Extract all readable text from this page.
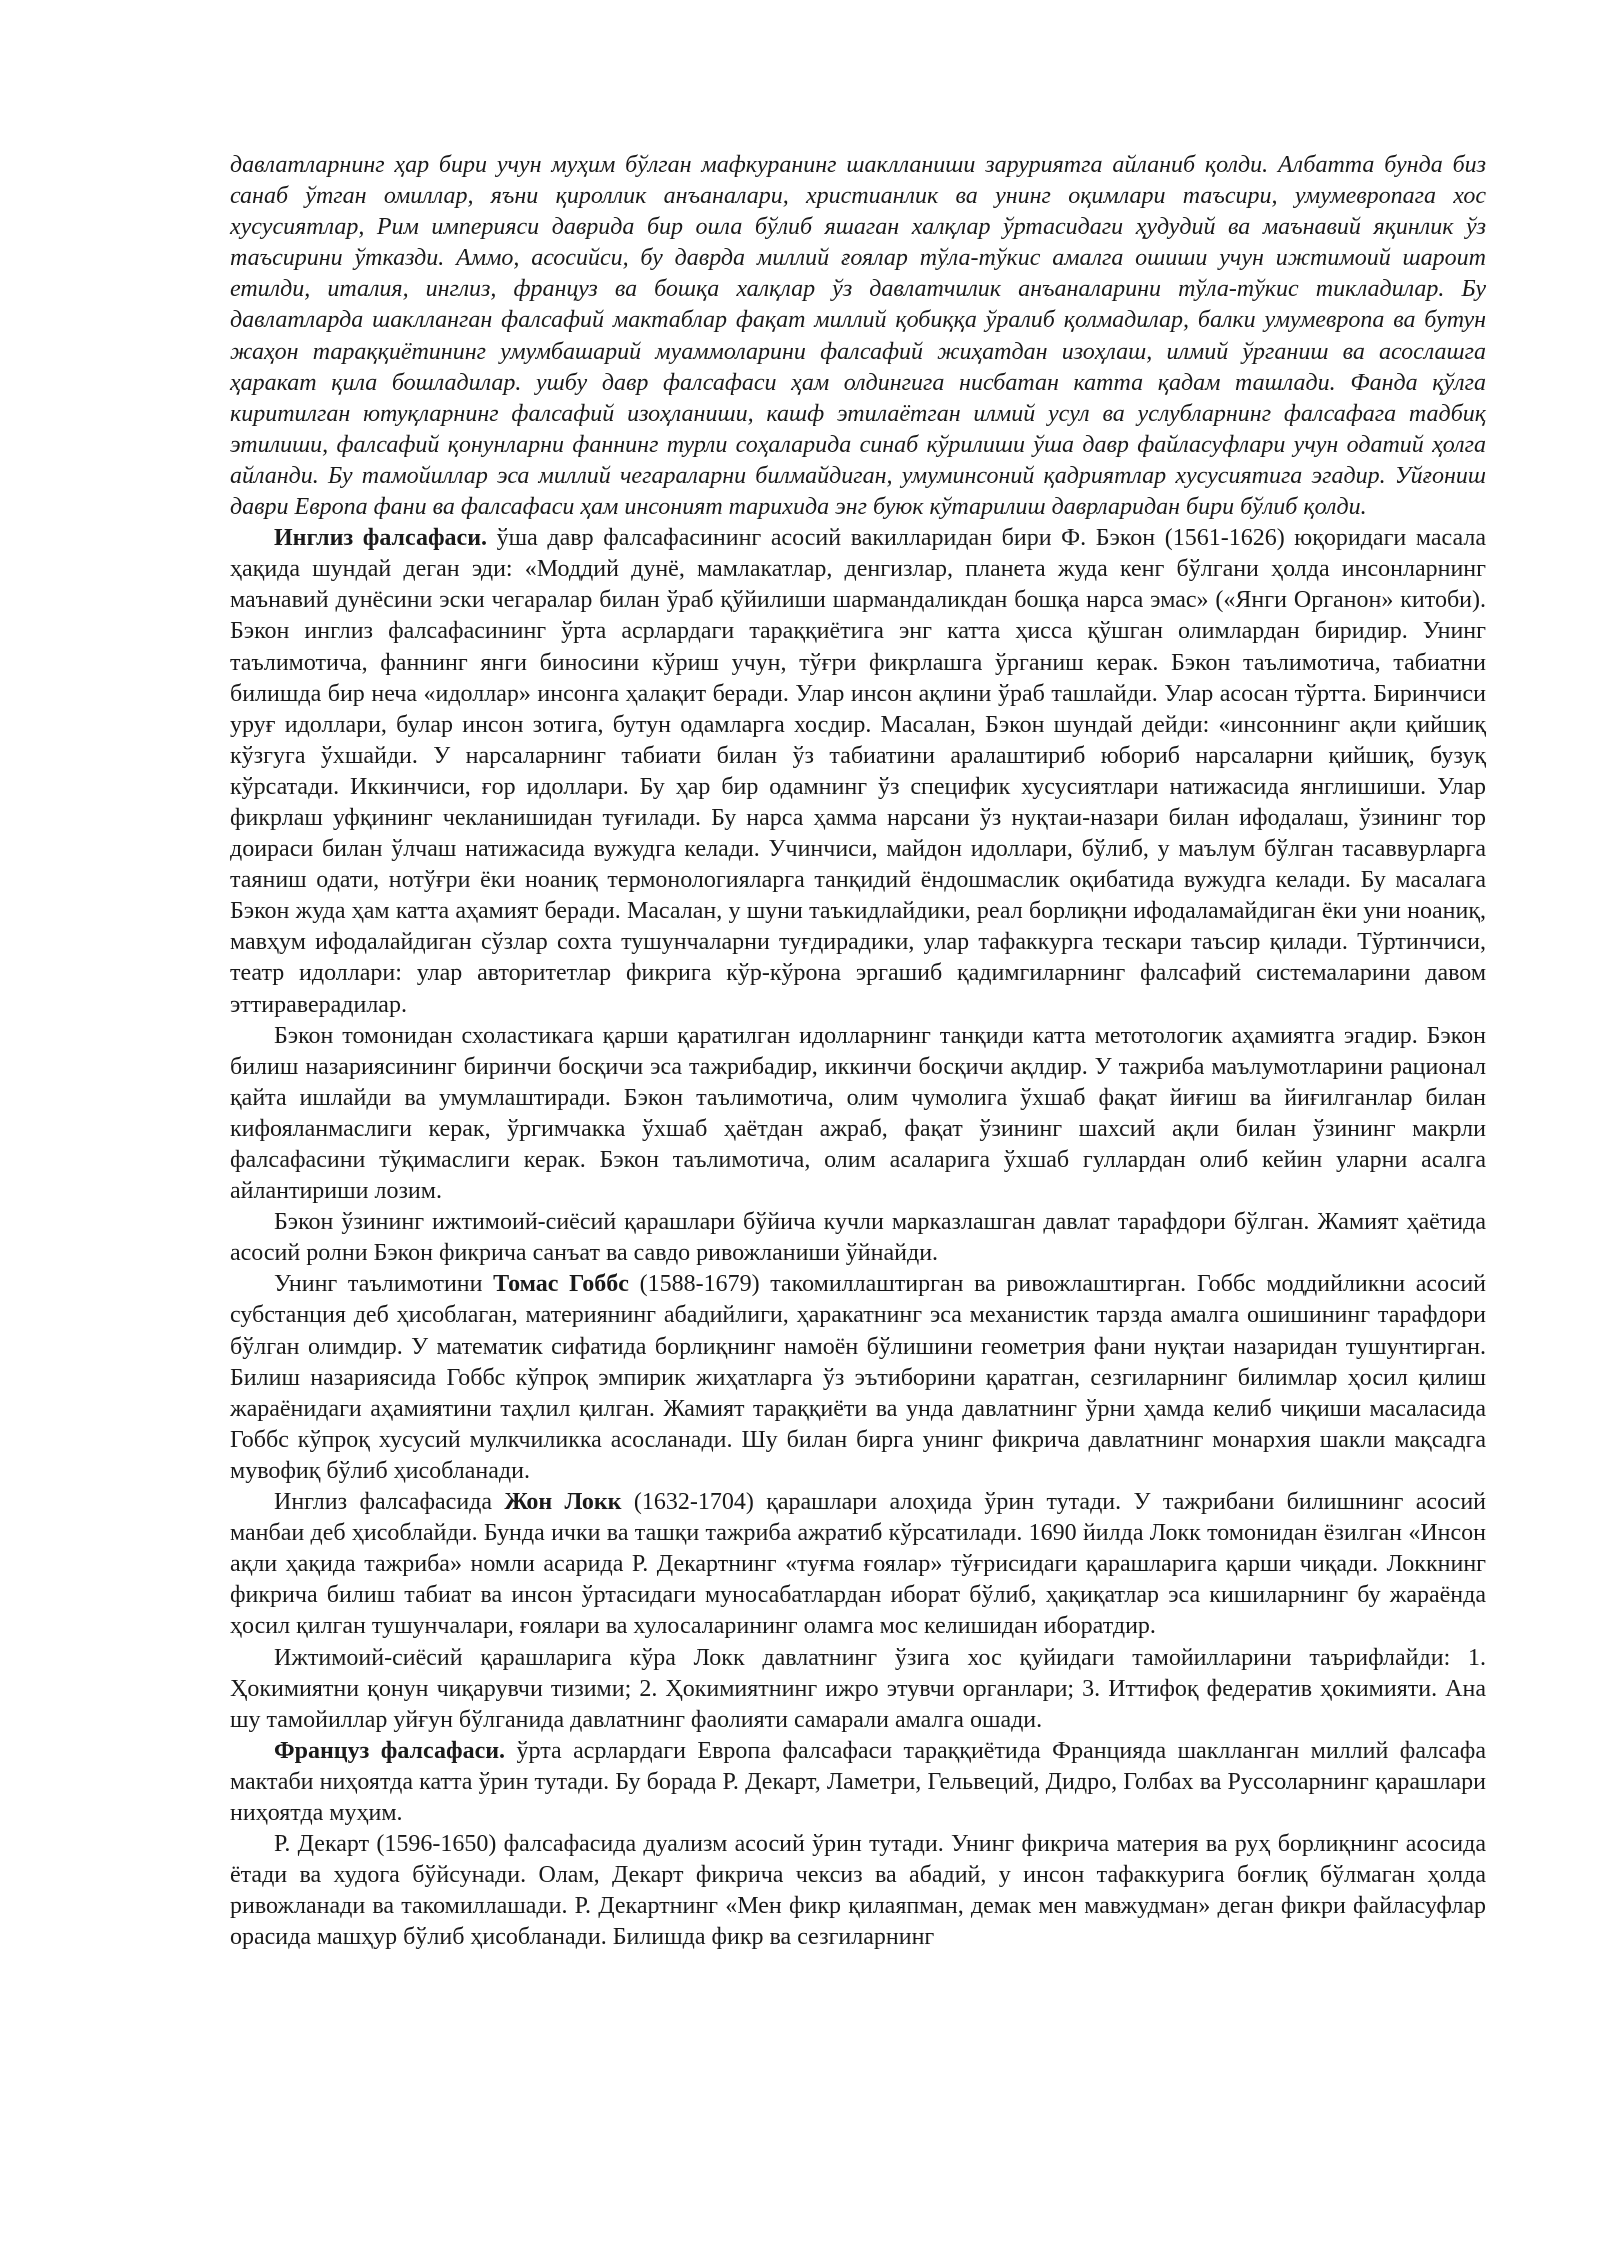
давлатларнинг ҳар бири учун муҳим бўлган мафкуранинг шаклланиши заруриятга айланиб қолди. Албатта бунда биз санаб ўтган омиллар, яъни қироллик анъаналари, христианлик ва унинг оқимлари таъсири, умумевропага хос хусусиятлар, Рим империяси даврида бир оила бўлиб яшаган халқлар ўртасидаги ҳудудий ва маънавий яқинлик ўз таъсирини ўтказди. Аммо, асосийси, бу даврда миллий ғоялар тўла-тўкис амалга ошиши учун ижтимоий шароит етилди, италия, инглиз, француз ва бошқа халқлар ўз давлатчилик анъаналарини тўла-тўкис тикладилар. Бу давлатларда шаклланган фалсафий мактаблар фақат миллий қобиққа ўралиб қолмадилар, балки умумевропа ва бутун жаҳон тараққиётининг умумбашарий муаммоларини фалсафий жиҳатдан изоҳлаш, илмий ўрганиш ва асослашга ҳаракат қила бошладилар. ушбу давр фалсафаси ҳам олдингига нисбатан катта қадам ташлади. Фанда қўлга киритилган ютуқларнинг фалсафий изоҳланиши, кашф этилаётган илмий усул ва услубларнинг фалсафага тадбиқ этилиши, фалсафий қонунларни фаннинг турли соҳаларида синаб кўрилиши ўша давр файласуфлари учун одатий ҳолга айланди. Бу тамойиллар эса миллий чегараларни билмайдиган, умуминсоний қадриятлар хусусиятига эгадир. Уйғониш даври Европа фани ва фалсафаси ҳам инсоният тарихида энг буюк кўтарилиш даврларидан бири бўлиб қолди.

Инглиз фалсафаси. ўша давр фалсафасининг асосий вакилларидан бири Ф. Бэкон (1561-1626) юқоридаги масала ҳақида шундай деган эди: «Моддий дунё, мамлакатлар, денгизлар, планета жуда кенг бўлгани ҳолда инсонларнинг маънавий дунёсини эски чегаралар билан ўраб қўйилиши шармандаликдан бошқа нарса эмас» («Янги Органон» китоби). Бэкон инглиз фалсафасининг ўрта асрлардаги тараққиётига энг катта ҳисса қўшган олимлардан биридир. Унинг таълимотича, фаннинг янги биносини кўриш учун, тўғри фикрлашга ўрганиш керак. Бэкон таълимотича, табиатни билишда бир неча «идоллар» инсонга ҳалақит беради. Улар инсон ақлини ўраб ташлайди. Улар асосан тўртта. Биринчиси уруғ идоллари, булар инсон зотига, бутун одамларга хосдир. Масалан, Бэкон шундай дейди: «инсоннинг ақли қийшиқ кўзгуга ўхшайди. У нарсаларнинг табиати билан ўз табиатини аралаштириб юбориб нарсаларни қийшиқ, бузуқ кўрсатади. Иккинчиси, ғор идоллари. Бу ҳар бир одамнинг ўз специфик хусусиятлари натижасида янглишиши. Улар фикрлаш уфқининг чекланишидан туғилади. Бу нарса ҳамма нарсани ўз нуқтаи-назари билан ифодалаш, ўзининг тор доираси билан ўлчаш натижасида вужудга келади. Учинчиси, майдон идоллари, бўлиб, у маълум бўлган тасаввурларга таяниш одати, нотўғри ёки ноаниқ термонологияларга танқидий ёндошмаслик оқибатида вужудга келади. Бу масалага Бэкон жуда ҳам катта аҳамият беради. Масалан, у шуни таъкидлайдики, реал борлиқни ифодаламайдиган ёки уни ноаниқ, мавҳум ифодалайдиган сўзлар сохта тушунчаларни туғдирадики, улар тафаккурга тескари таъсир қилади. Тўртинчиси, театр идоллари: улар авторитетлар фикрига кўр-кўрона эргашиб қадимгиларнинг фалсафий системаларини давом эттираверадилар.

Бэкон томонидан схоластикага қарши қаратилган идолларнинг танқиди катта метотологик аҳамиятга эгадир. Бэкон билиш назариясининг биринчи босқичи эса тажрибадир, иккинчи босқичи ақлдир. У тажриба маълумотларини рационал қайта ишлайди ва умумлаштиради. Бэкон таълимотича, олим чумолига ўхшаб фақат йиғиш ва йиғилганлар билан кифояланмаслиги керак, ўргимчакка ўхшаб ҳаётдан ажраб, фақат ўзининг шахсий ақли билан ўзининг макрли фалсафасини тўқимаслиги керак. Бэкон таълимотича, олим асаларига ўхшаб гуллардан олиб кейин уларни асалга айлантириши лозим.

Бэкон ўзининг ижтимоий-сиёсий қарашлари бўйича кучли марказлашган давлат тарафдори бўлган. Жамият ҳаётида асосий ролни Бэкон фикрича санъат ва савдо ривожланиши ўйнайди.

Унинг таълимотини Томас Гоббс (1588-1679) такомиллаштирган ва ривожлаштирган. Гоббс моддийликни асосий субстанция деб ҳисоблаган, материянинг абадийлиги, ҳаракатнинг эса механистик тарзда амалга ошишининг тарафдори бўлган олимдир. У математик сифатида борлиқнинг намоён бўлишини геометрия фани нуқтаи назаридан тушунтирган. Билиш назариясида Гоббс кўпроқ эмпирик жиҳатларга ўз эътиборини қаратган, сезгиларнинг билимлар ҳосил қилиш жараёнидаги аҳамиятини таҳлил қилган. Жамият тараққиёти ва унда давлатнинг ўрни ҳамда келиб чиқиши масаласида Гоббс кўпроқ хусусий мулкчиликка асосланади. Шу билан бирга унинг фикрича давлатнинг монархия шакли мақсадга мувофиқ бўлиб ҳисобланади.

Инглиз фалсафасида Жон Локк (1632-1704) қарашлари алоҳида ўрин тутади. У тажрибани билишнинг асосий манбаи деб ҳисоблайди. Бунда ички ва ташқи тажриба ажратиб кўрсатилади. 1690 йилда Локк томонидан ёзилган «Инсон ақли ҳақида тажриба» номли асарида Р. Декартнинг «туғма ғоялар» тўғрисидаги қарашларига қарши чиқади. Локкнинг фикрича билиш табиат ва инсон ўртасидаги муносабатлардан иборат бўлиб, ҳақиқатлар эса кишиларнинг бу жараёнда ҳосил қилган тушунчалари, ғоялари ва хулосаларининг оламга мос келишидан иборатдир.

Ижтимоий-сиёсий қарашларига кўра Локк давлатнинг ўзига хос қуйидаги тамойилларини таърифлайди: 1. Ҳокимиятни қонун чиқарувчи тизими; 2. Ҳокимиятнинг ижро этувчи органлари; 3. Иттифоқ федератив ҳокимияти. Ана шу тамойиллар уйғун бўлганида давлатнинг фаолияти самарали амалга ошади.

Француз фалсафаси. ўрта асрлардаги Европа фалсафаси тараққиётида Францияда шаклланган миллий фалсафа мактаби ниҳоятда катта ўрин тутади. Бу борада Р. Декарт, Ламетри, Гельвеций, Дидро, Голбах ва Руссоларнинг қарашлари ниҳоятда муҳим.

Р. Декарт (1596-1650) фалсафасида дуализм асосий ўрин тутади. Унинг фикрича материя ва руҳ борлиқнинг асосида ётади ва худога бўйсунади. Олам, Декарт фикрича чексиз ва абадий, у инсон тафаккурига боғлиқ бўлмаган ҳолда ривожланади ва такомиллашади. Р. Декартнинг «Мен фикр қилаяпман, демак мен мавжудман» деган фикри файласуфлар орасида машҳур бўлиб ҳисобланади. Билишда фикр ва сезгиларнинг
